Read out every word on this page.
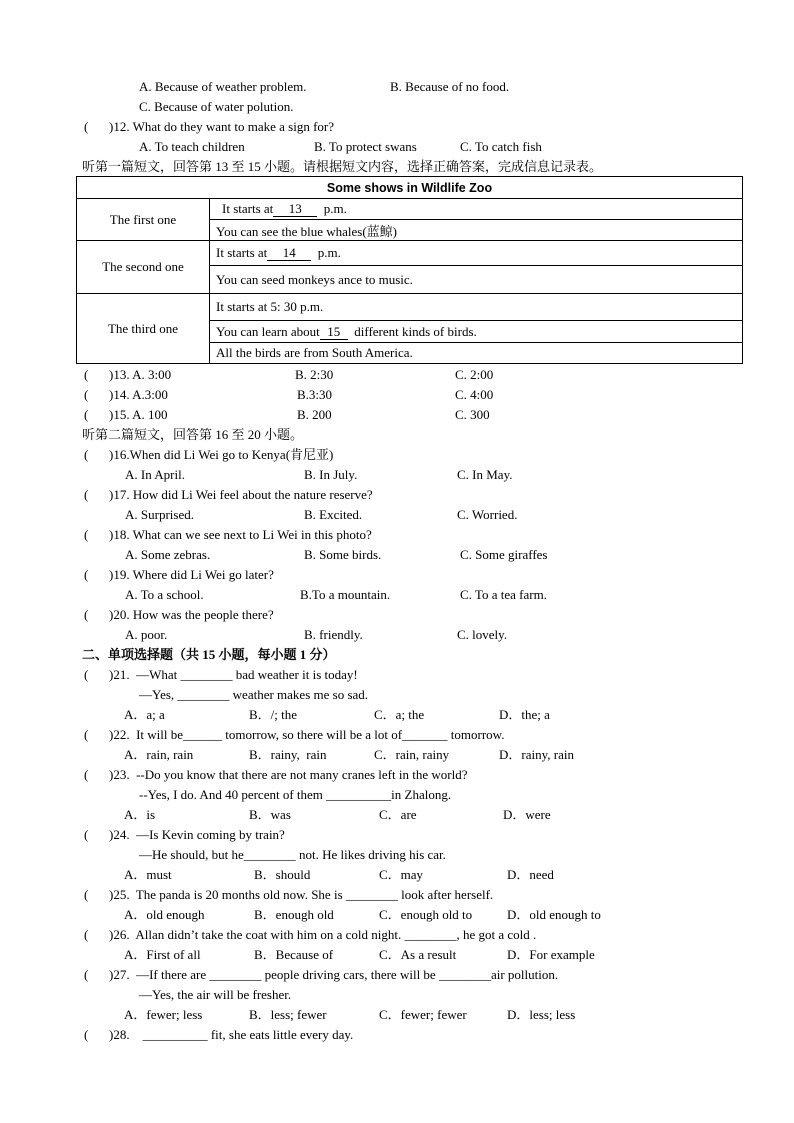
A. Because of weather problem.	B. Because of no food.
C. Because of water polution.
( )12. What do they want to make a sign for?
A. To teach children	B. To protect swans	C. To catch fish
听第一篇短文，回答第 13 至 15 小题。请根据短文内容，选择正确答案，完成信息记录表。
Some shows in Wildlife Zoo	
The first one	It starts at 13 p.m.
	You can see the blue whales(蓝鲸)
The second one	It starts at 14 p.m.
	You can seed monkeys ance to music.
The third one	It starts at 5: 30 p.m.
	You can learn about 15 different kinds of birds.
	All the birds are from South America.
( )13. A. 3:00	B. 2:30	C. 2:00
( )14. A.3:00	B.3:30	C. 4:00
( )15. A. 100	B. 200	C. 300
听第二篇短文，回答第 16 至 20 小题。
( )16.When did Li Wei go to Kenya(肯尼亚)
A. In April.	B. In July.	C. In May.
( )17. How did Li Wei feel about the nature reserve?
A. Surprised.	B. Excited.	C. Worried.
( )18. What can we see next to Li Wei in this photo?
A. Some zebras.	B. Some birds.	C. Some giraffes
( )19. Where did Li Wei go later?
A. To a school.	B.To a mountain.	C. To a tea farm.
( )20. How was the people there?
A. poor.	B. friendly.	C. lovely.
二、单项选择题（共 15 小题，每小题 1 分）
( )21.  —What ________ bad weather it is today!
—Yes, ________ weather makes me so sad.
A．a; a	B．/; the	C．a; the	D．the; a
( )22.  It will be______ tomorrow, so there will be a lot of_______ tomorrow.
A．rain, rain	B．rainy,  rain	C．rain, rainy	D．rainy, rain
( )23.  --Do you know that there are not many cranes left in the world?
--Yes, I do. And 40 percent of them __________in Zhalong.
A．is	B．was	C．are	D．were
( )24.  —Is Kevin coming by train?
—He should, but he________ not. He likes driving his car.
A．must	B．should	C．may	D．need
( )25.  The panda is 20 months old now. She is ________ look after herself.
A．old enough	B．enough old	C．enough old to	D．old enough to
( )26.  Allan didn’t take the coat with him on a cold night. ________, he got a cold .
A．First of all	B．Because of	C．As a result	D．For example
( )27.  —If there are ________ people driving cars, there will be ________air pollution.
—Yes, the air will be fresher.
A．fewer; less	B．less; fewer	C．fewer; fewer	D．less; less
( )28.    __________ fit, she eats little every day.
